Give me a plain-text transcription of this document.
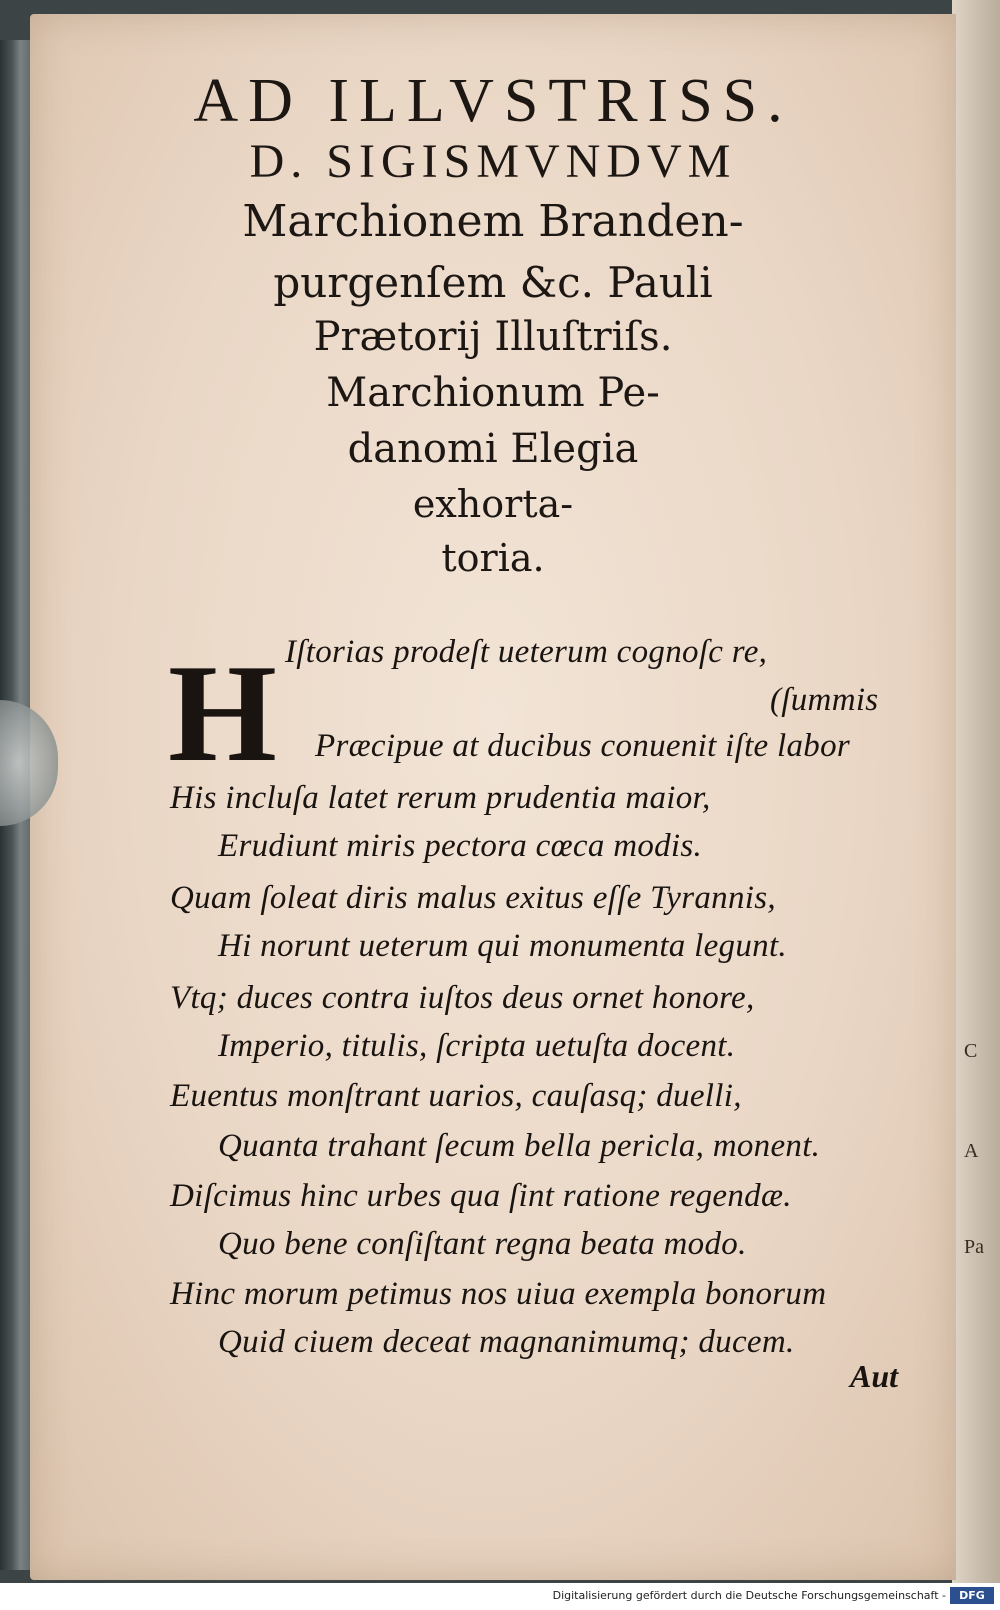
C
A
Pa
AD ILLVSTRISS.
D. SIGISMVNDVM
Marchionem Branden-
purgenſem &c. Pauli
Prætorij Illuſtriſs.
Marchionum Pe-
danomi Elegia
exhorta-
toria.
H Iſtorias prodeſt ueterum cognoſc re,
(ſummis
Præcipue at ducibus conuenit iſte labor
His incluſa latet rerum prudentia maior,
Erudiunt miris pectora cœca modis.
Quam ſoleat diris malus exitus eſſe Tyrannis,
Hi norunt ueterum qui monumenta legunt.
Vtq; duces contra iuſtos deus ornet honore,
Imperio, titulis, ſcripta uetuſta docent.
Euentus monſtrant uarios, cauſasq; duelli,
Quanta trahant ſecum bella pericla, monent.
Diſcimus hinc urbes qua ſint ratione regendæ.
Quo bene conſiſtant regna beata modo.
Hinc morum petimus nos uiua exempla bonorum
Quid ciuem deceat magnanimumq; ducem.
Aut
Digitalisierung gefördert durch die Deutsche Forschungsgemeinschaft -	DFG
